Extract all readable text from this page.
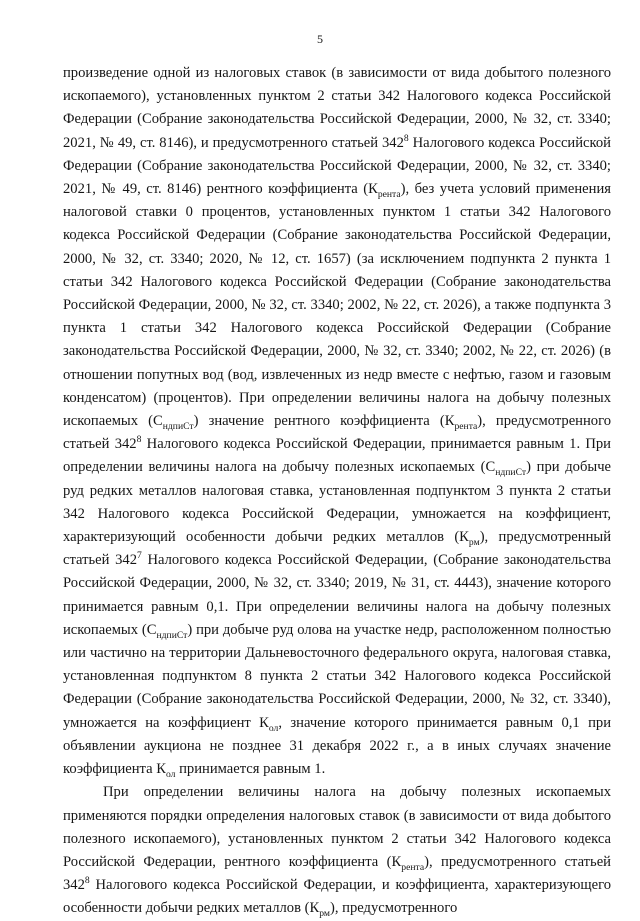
5

произведение одной из налоговых ставок (в зависимости от вида добытого полезного ископаемого), установленных пунктом 2 статьи 342 Налогового кодекса Российской Федерации (Собрание законодательства Российской Федерации, 2000, № 32, ст. 3340; 2021, № 49, ст. 8146), и предусмотренного статьей $342^8$ Налогового кодекса Российской Федерации (Собрание законодательства Российской Федерации, 2000, № 32, ст. 3340; 2021, № 49, ст. 8146) рентного коэффициента $(К_{рента})$, без учета условий применения налоговой ставки 0 процентов, установленных пунктом 1 статьи 342 Налогового кодекса Российской Федерации (Собрание законодательства Российской Федерации, 2000, № 32, ст. 3340; 2020, № 12, ст. 1657) (за исключением подпункта 2 пункта 1 статьи 342 Налогового кодекса Российской Федерации (Собрание законодательства Российской Федерации, 2000, № 32, ст. 3340; 2002, № 22, ст. 2026), а также подпункта 3 пункта 1 статьи 342 Налогового кодекса Российской Федерации (Собрание законодательства Российской Федерации, 2000, № 32, ст. 3340; 2002, № 22, ст. 2026) (в отношении попутных вод (вод, извлеченных из недр вместе с нефтью, газом и газовым конденсатом) (процентов). При определении величины налога на добычу полезных ископаемых $(С_{ндпиСт})$ значение рентного коэффициента $(К_{рента})$, предусмотренного статьей $342^8$ Налогового кодекса Российской Федерации, принимается равным 1. При определении величины налога на добычу полезных ископаемых $(С_{ндпиСт})$ при добыче руд редких металлов налоговая ставка, установленная подпунктом 3 пункта 2 статьи 342 Налогового кодекса Российской Федерации, умножается на коэффициент, характеризующий особенности добычи редких металлов $(К_{рм})$, предусмотренный статьей $342^7$ Налогового кодекса Российской Федерации, (Собрание законодательства Российской Федерации, 2000, № 32, ст. 3340; 2019, № 31, ст. 4443), значение которого принимается равным 0,1. При определении величины налога на добычу полезных ископаемых $(С_{ндпиСт})$ при добыче руд олова на участке недр, расположенном полностью или частично на территории Дальневосточного федерального округа, налоговая ставка, установленная подпунктом 8 пункта 2 статьи 342 Налогового кодекса Российской Федерации (Собрание законодательства Российской Федерации, 2000, № 32, ст. 3340), умножается на коэффициент $К_{ол}$, значение которого принимается равным 0,1 при объявлении аукциона не позднее 31 декабря 2022 г., а в иных случаях значение коэффициента $К_{ол}$ принимается равным 1.

При определении величины налога на добычу полезных ископаемых применяются порядки определения налоговых ставок (в зависимости от вида добытого полезного ископаемого), установленных пунктом 2 статьи 342 Налогового кодекса Российской Федерации, рентного коэффициента $(К_{рента})$, предусмотренного статьей $342^8$ Налогового кодекса Российской Федерации, и коэффициента, характеризующего особенности добычи редких металлов $(К_{рм})$, предусмотренного
